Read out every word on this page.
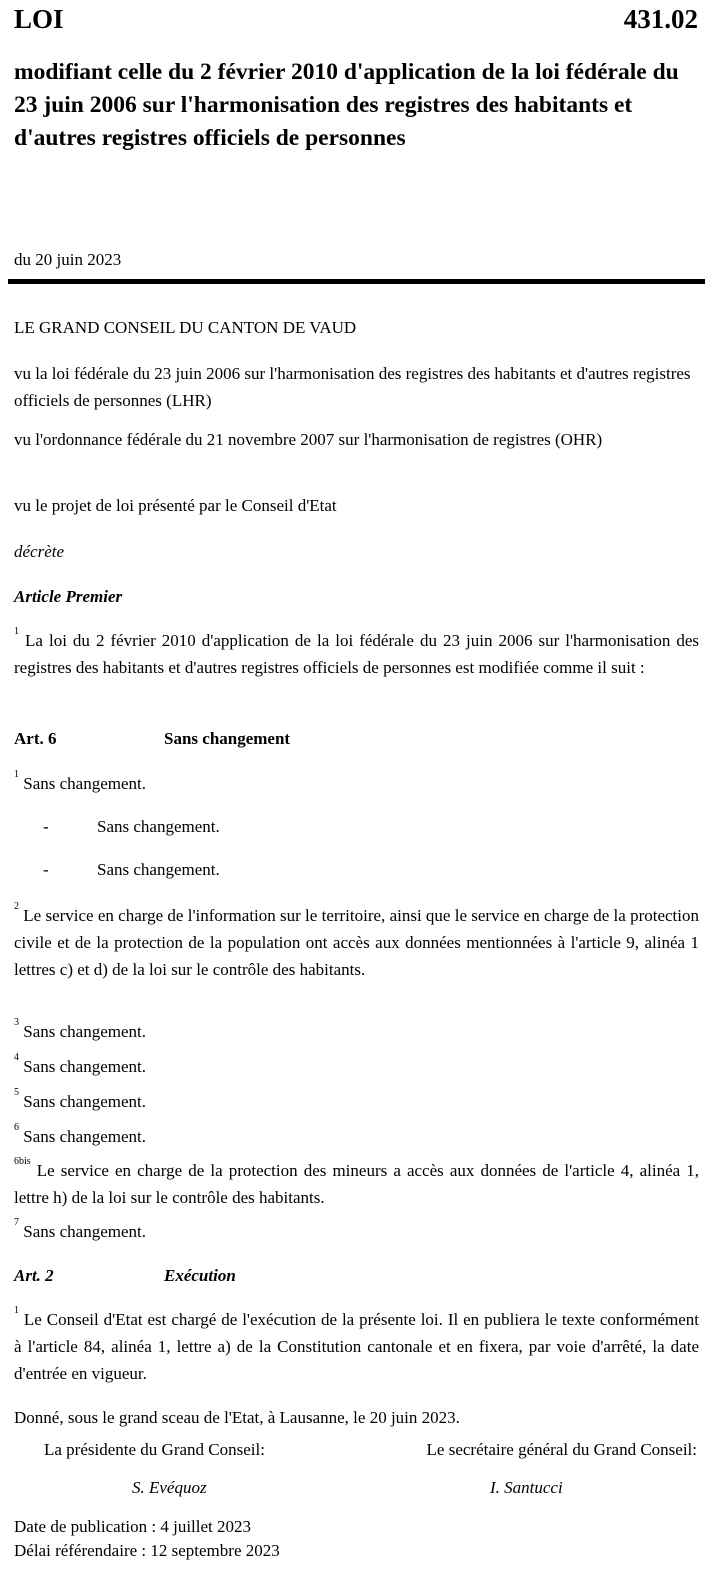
LOI	431.02
modifiant celle du 2 février 2010 d'application de la loi fédérale du 23 juin 2006 sur l'harmonisation des registres des habitants et d'autres registres officiels de personnes
du 20 juin 2023
LE GRAND CONSEIL DU CANTON DE VAUD
vu la loi fédérale du 23 juin 2006 sur l'harmonisation des registres des habitants et d'autres registres officiels de personnes (LHR)
vu l'ordonnance fédérale du 21 novembre 2007 sur l'harmonisation de registres (OHR)
vu le projet de loi présenté par le Conseil d'Etat
décrète
Article Premier
$^1$ La loi du 2 février 2010 d'application de la loi fédérale du 23 juin 2006 sur l'harmonisation des registres des habitants et d'autres registres officiels de personnes est modifiée comme il suit :
Art. 6	Sans changement
$^1$ Sans changement.
-	Sans changement.
-	Sans changement.
$^2$ Le service en charge de l'information sur le territoire, ainsi que le service en charge de la protection civile et de la protection de la population ont accès aux données mentionnées à l'article 9, alinéa 1 lettres c) et d) de la loi sur le contrôle des habitants.
$^3$ Sans changement.
$^4$ Sans changement.
$^5$ Sans changement.
$^6$ Sans changement.
$^{6bis}$ Le service en charge de la protection des mineurs a accès aux données de l'article 4, alinéa 1, lettre h) de la loi sur le contrôle des habitants.
$^7$ Sans changement.
Art. 2	Exécution
$^1$ Le Conseil d'Etat est chargé de l'exécution de la présente loi. Il en publiera le texte conformément à l'article 84, alinéa 1, lettre a) de la Constitution cantonale et en fixera, par voie d'arrêté, la date d'entrée en vigueur.
Donné, sous le grand sceau de l'Etat, à Lausanne, le 20 juin 2023.
La présidente du Grand Conseil:	Le secrétaire général du Grand Conseil:
S. Evéquoz	I. Santucci
Date de publication : 4 juillet 2023
Délai référendaire : 12 septembre 2023
